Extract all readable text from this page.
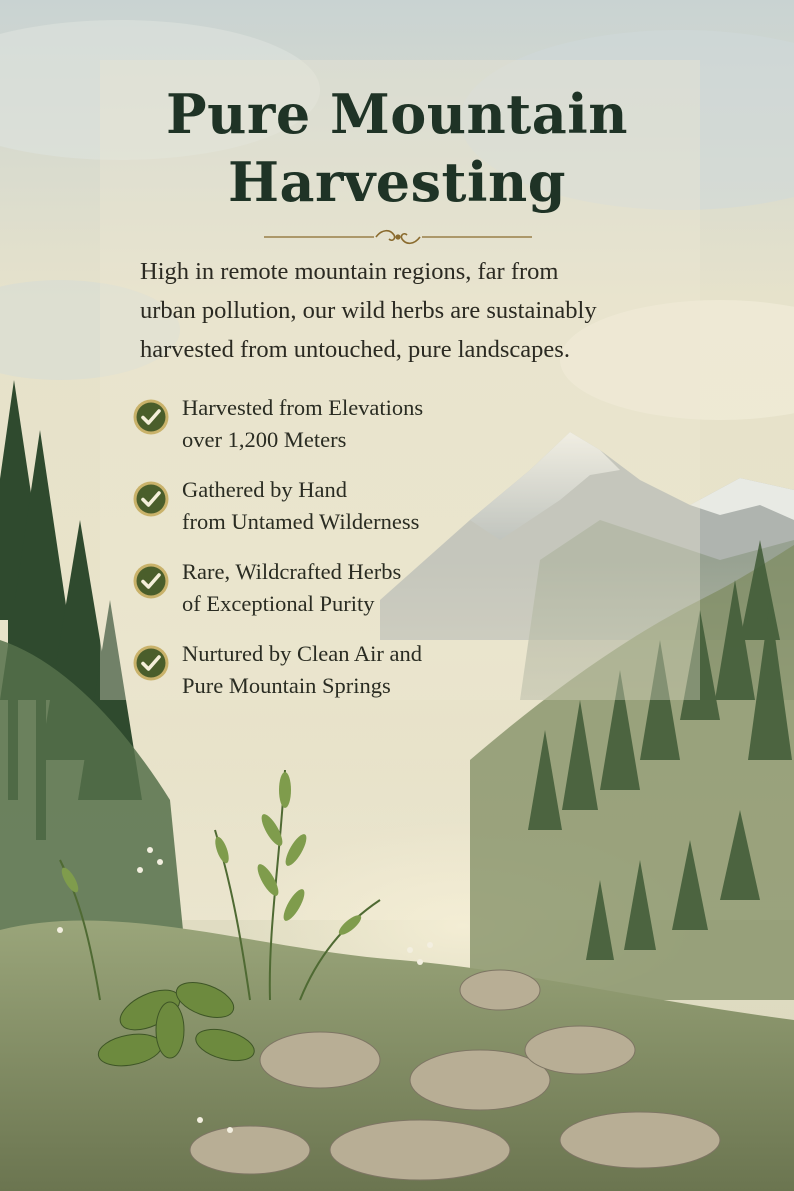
Pure Mountain
Harvesting

High in remote mountain regions, far from
urban pollution, our wild herbs are sustainably
harvested from untouched, pure landscapes.

Harvested from Elevations
over 1,200 Meters
Gathered by Hand
from Untamed Wilderness
Rare, Wildcrafted Herbs
of Exceptional Purity
Nurtured by Clean Air and
Pure Mountain Springs
